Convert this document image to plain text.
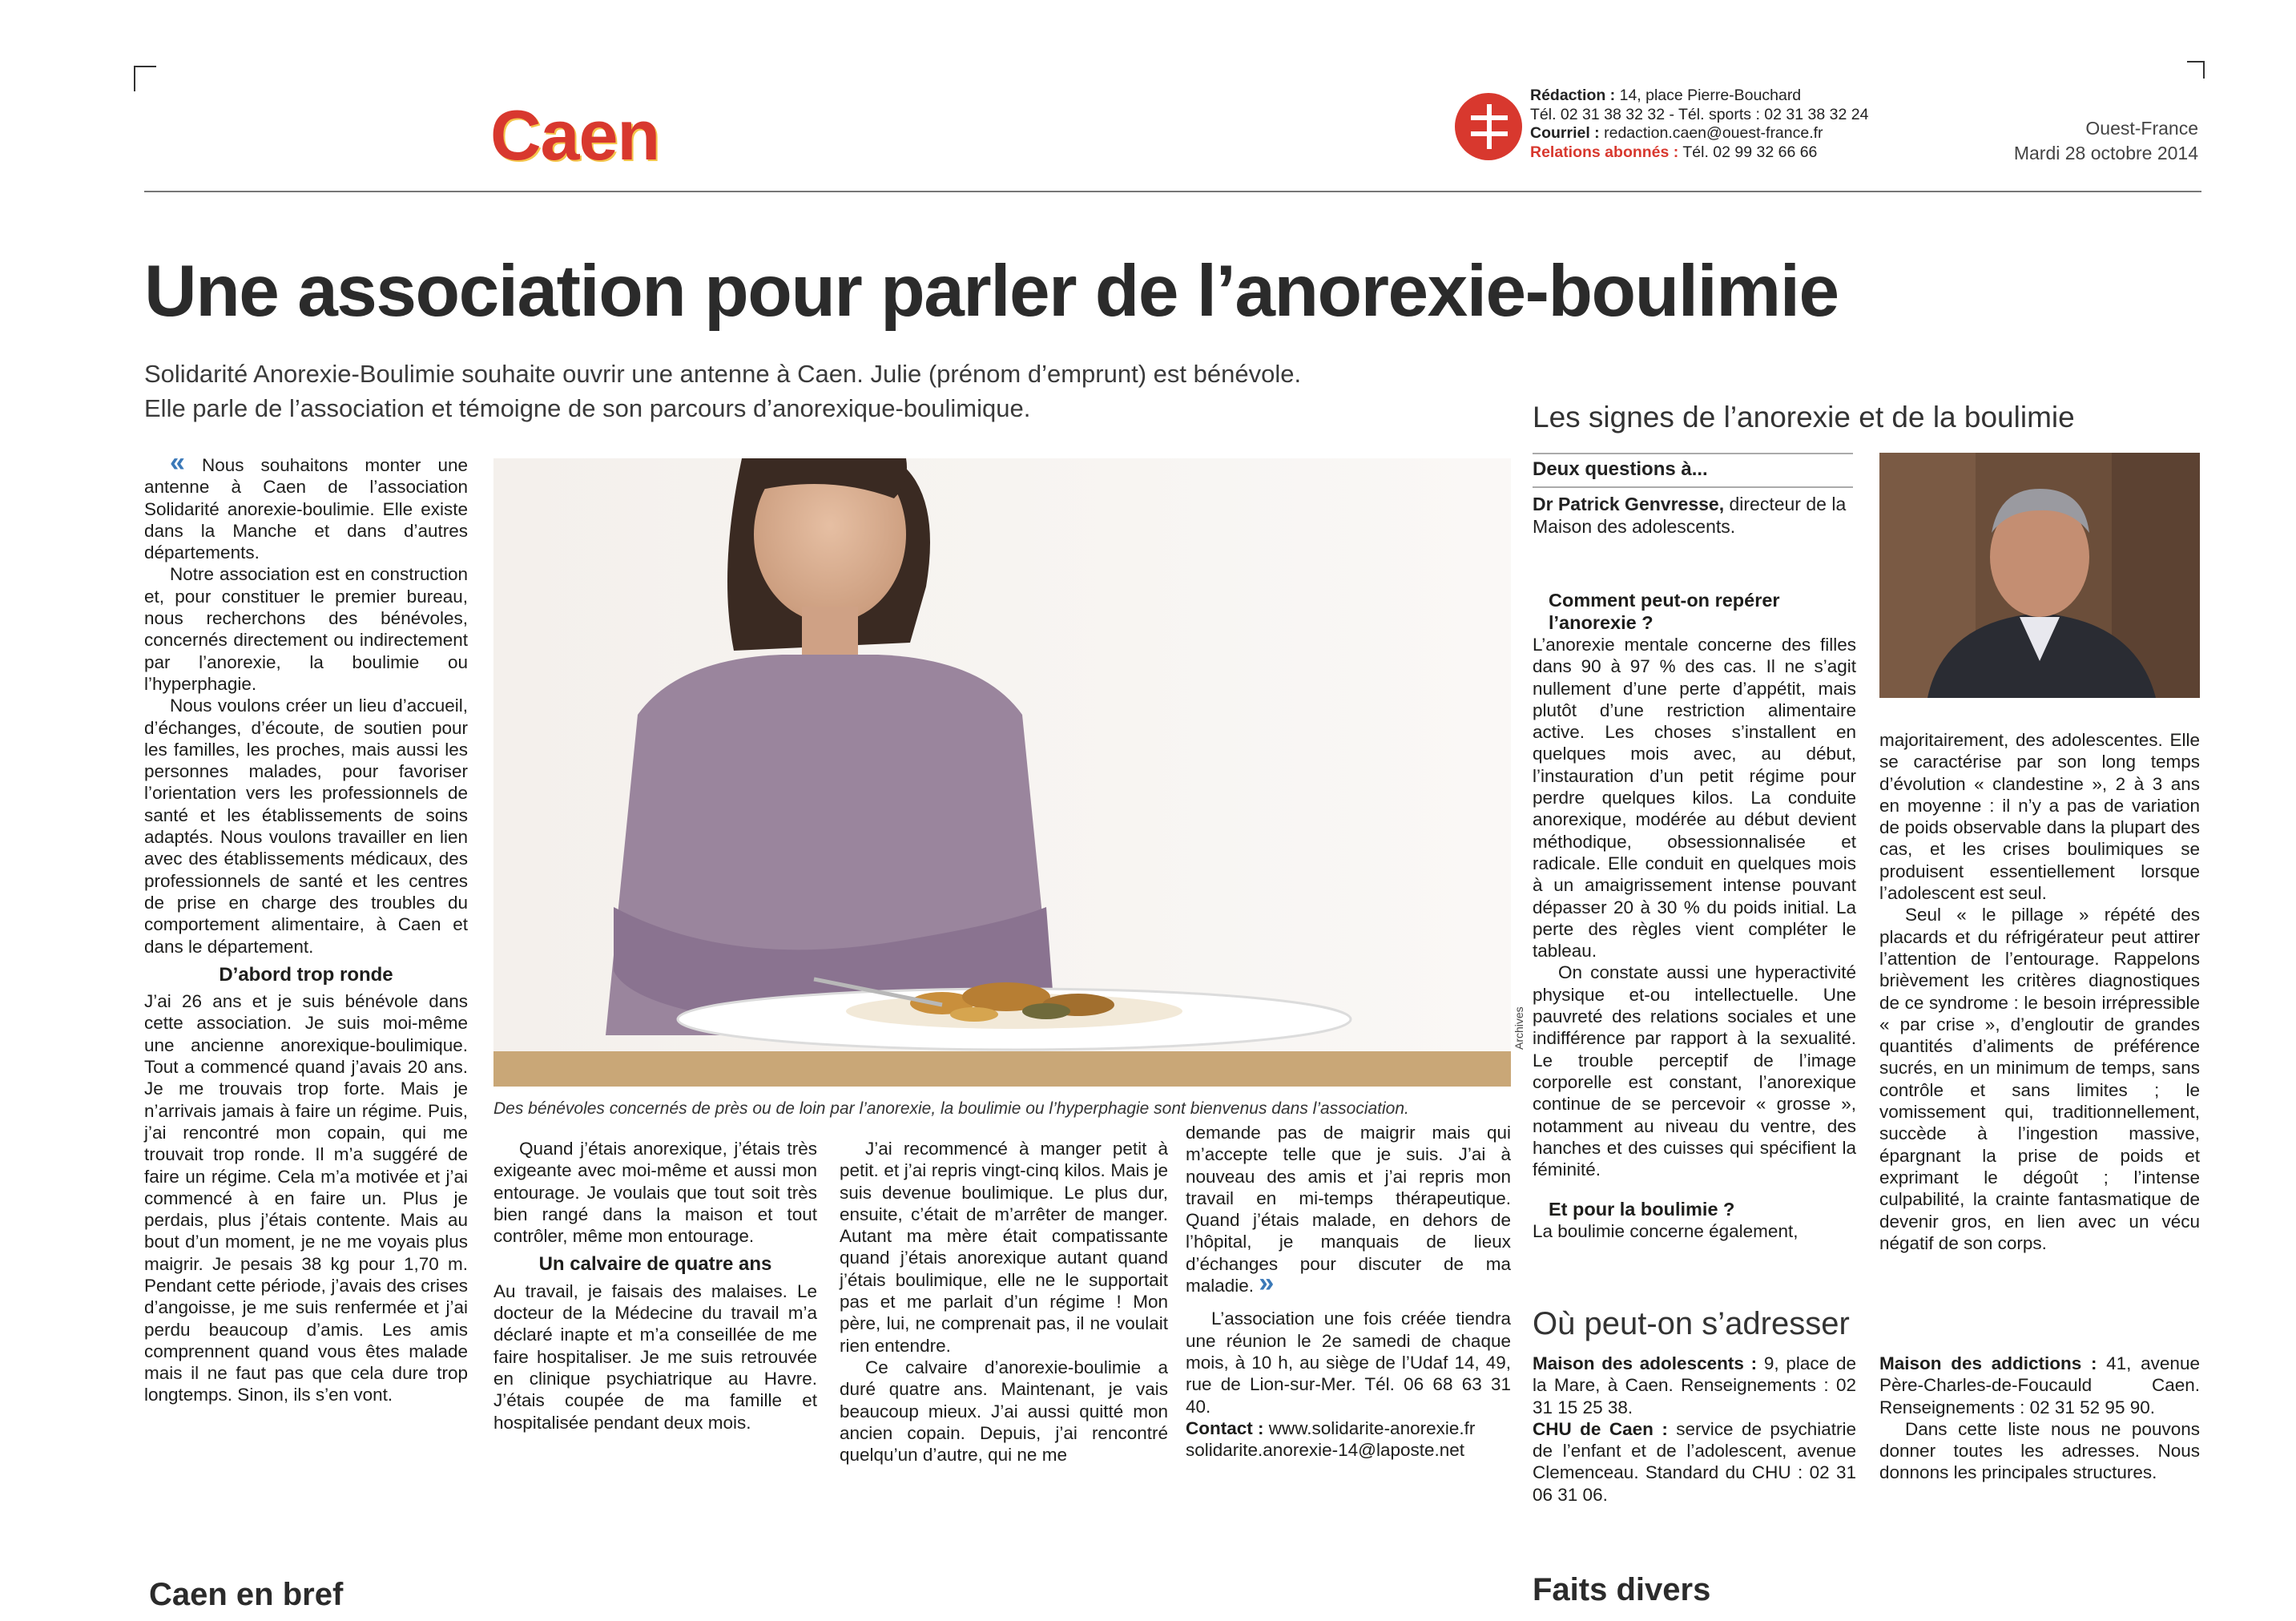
Caen	Rédaction : 14, place Pierre-Bouchard
Tél. 02 31 38 32 32 - Tél. sports : 02 31 38 32 24
Courriel : redaction.caen@ouest-france.fr
Relations abonnés : Tél. 02 99 32 66 66
Ouest-France
Mardi 28 octobre 2014
Une association pour parler de l’anorexie-boulimie
Solidarité Anorexie-Boulimie souhaite ouvrir une antenne à Caen. Julie (prénom d’emprunt) est bénévole.
Elle parle de l’association et témoigne de son parcours d’anorexique-boulimique.

« Nous souhaitons monter une antenne à Caen de l’association Solidarité anorexie-boulimie. Elle existe dans la Manche et dans d’autres départements.

Notre association est en construction et, pour constituer le premier bureau, nous recherchons des bénévoles, concernés directement ou indirectement par l’anorexie, la boulimie ou l’hyperphagie.

Nous voulons créer un lieu d’accueil, d’échanges, d’écoute, de soutien pour les familles, les proches, mais aussi les personnes malades, pour favoriser l’orientation vers les professionnels de santé et les établissements de soins adaptés. Nous voulons travailler en lien avec des établissements médicaux, des professionnels de santé et les centres de prise en charge des troubles du comportement alimentaire, à Caen et dans le département.

D’abord trop ronde

J’ai 26 ans et je suis bénévole dans cette association. Je suis moi-même une ancienne anorexique-boulimique. Tout a commencé quand j’avais 20 ans. Je me trouvais trop forte. Mais je n’arrivais jamais à faire un régime. Puis, j’ai rencontré mon copain, qui me trouvait trop ronde. Il m’a suggéré de faire un régime. Cela m’a motivée et j’ai commencé à en faire un. Plus je perdais, plus j’étais contente. Mais au bout d’un moment, je ne me voyais plus maigrir. Je pesais 38 kg pour 1,70 m. Pendant cette période, j’avais des crises d’angoisse, je me suis renfermée et j’ai perdu beaucoup d’amis. Les amis comprennent quand vous êtes malade mais il ne faut pas que cela dure trop longtemps. Sinon, ils s’en vont.

Archives
Des bénévoles concernés de près ou de loin par l’anorexie, la boulimie ou l’hyperphagie sont bienvenus dans l’association.

Quand j’étais anorexique, j’étais très exigeante avec moi-même et aussi mon entourage. Je voulais que tout soit très bien rangé dans la maison et tout contrôler, même mon entourage.

Un calvaire de quatre ans

Au travail, je faisais des malaises. Le docteur de la Médecine du travail m’a déclaré inapte et m’a conseillée de me faire hospitaliser. Je me suis retrouvée en clinique psychiatrique au Havre. J’étais coupée de ma famille et hospitalisée pendant deux mois.

J’ai recommencé à manger petit à petit. et j’ai repris vingt-cinq kilos. Mais je suis devenue boulimique. Le plus dur, ensuite, c’était de m’arrêter de manger. Autant ma mère était compatissante quand j’étais anorexique autant quand j’étais boulimique, elle ne le supportait pas et me parlait d’un régime ! Mon père, lui, ne comprenait pas, il ne voulait rien entendre.

Ce calvaire d’anorexie-boulimie a duré quatre ans. Maintenant, je vais beaucoup mieux. J’ai aussi quitté mon ancien copain. Depuis, j’ai rencontré quelqu’un d’autre, qui ne me

demande pas de maigrir mais qui m’accepte telle que je suis. J’ai à nouveau des amis et j’ai repris mon travail en mi-temps thérapeutique. Quand j’étais malade, en dehors de l’hôpital, je manquais de lieux d’échanges pour discuter de ma maladie. »

L’association une fois créée tiendra une réunion le 2e samedi de chaque mois, à 10 h, au siège de l’Udaf 14, 49, rue de Lion-sur-Mer. Tél. 06 68 63 31 40.

Contact : www.solidarite-anorexie.fr
solidarite.anorexie-14@laposte.net

Les signes de l’anorexie et de la boulimie
Deux questions à...
Dr Patrick Genvresse, directeur de la Maison des adolescents.
Comment peut-on repérer l’anorexie ?

L’anorexie mentale concerne des filles dans 90 à 97 % des cas. Il ne s’agit nullement d’une perte d’appétit, mais plutôt d’une restriction alimentaire active. Les choses s’installent en quelques mois avec, au début, l’instauration d’un petit régime pour perdre quelques kilos. La conduite anorexique, modérée au début devient méthodique, obsessionnalisée et radicale. Elle conduit en quelques mois à un amaigrissement intense pouvant dépasser 20 à 30 % du poids initial. La perte des règles vient compléter le tableau.

On constate aussi une hyperactivité physique et-ou intellectuelle. Une pauvreté des relations sociales et une indifférence par rapport à la sexualité. Le trouble perceptif de l’image corporelle est constant, l’anorexique continue de se percevoir « grosse », notamment au niveau du ventre, des hanches et des cuisses qui spécifient la féminité.

Et pour la boulimie ?

La boulimie concerne également,

majoritairement, des adolescentes. Elle se caractérise par son long temps d’évolution « clandestine », 2 à 3 ans en moyenne : il n’y a pas de variation de poids observable dans la plupart des cas, et les crises boulimiques se produisent essentiellement lorsque l’adolescent est seul.

Seul « le pillage » répété des placards et du réfrigérateur peut attirer l’attention de l’entourage. Rappelons brièvement les critères diagnostiques de ce syndrome : le besoin irrépressible « par crise », d’engloutir de grandes quantités d’aliments de préférence sucrés, en un minimum de temps, sans contrôle et sans limites ; le vomissement qui, traditionnellement, succède à l’ingestion massive, épargnant la prise de poids et exprimant le dégoût ; l’intense culpabilité, la crainte fantasmatique de devenir gros, en lien avec un vécu négatif de son corps.

Où peut-on s’adresser

Maison des adolescents : 9, place de la Mare, à Caen. Renseignements : 02 31 15 25 38.

CHU de Caen : service de psychiatrie de l’enfant et de l’adolescent, avenue Clemenceau. Standard du CHU : 02 31 06 31 06.

Maison des addictions : 41, avenue Père-Charles-de-Foucauld Caen. Renseignements : 02 31 52 95 90.

Dans cette liste nous ne pouvons donner toutes les adresses. Nous donnons les principales structures.

Caen en bref	Faits divers
